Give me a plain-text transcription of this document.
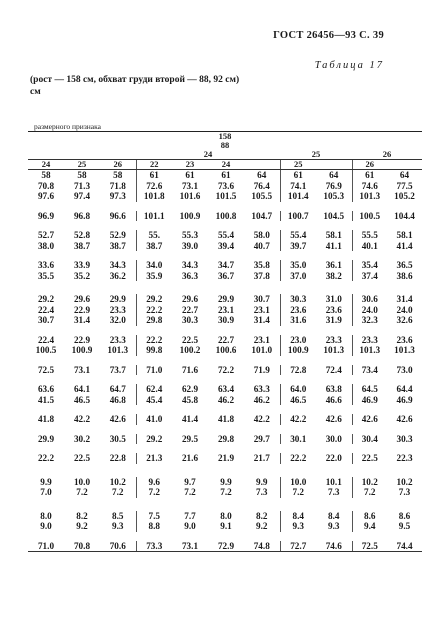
ГОСТ 26456—93 С. 39
Таблица 17
(рост — 158 см, обхват груди второй — 88, 92 см)
см
размерного признака
158										
88										
			24				25		26	
24	25	26	22	23	24		25		26	
58	58	58	61	61	61	64	61	64	61	64
70.8	71.3	71.8	72.6	73.1	73.6	76.4	74.1	76.9	74.6	77.5
97.6	97.4	97.3	101.8	101.6	101.5	105.5	101.4	105.3	101.3	105.2

96.9	96.8	96.6	101.1	100.9	100.8	104.7	100.7	104.5	100.5	104.4

52.7	52.8	52.9	55.	55.3	55.4	58.0	55.4	58.1	55.5	58.1
38.0	38.7	38.7	38.7	39.0	39.4	40.7	39.7	41.1	40.1	41.4

33.6	33.9	34.3	34.0	34.3	34.7	35.8	35.0	36.1	35.4	36.5
35.5	35.2	36.2	35.9	36.3	36.7	37.8	37.0	38.2	37.4	38.6

29.2	29.6	29.9	29.2	29.6	29.9	30.7	30.3	31.0	30.6	31.4
22.4	22.9	23.3	22.2	22.7	23.1	23.1	23.6	23.6	24.0	24.0
30.7	31.4	32.0	29.8	30.3	30.9	31.4	31.6	31.9	32.3	32.6

22.4	22.9	23.3	22.2	22.5	22.7	23.1	23.0	23.3	23.3	23.6
100.5	100.9	101.3	99.8	100.2	100.6	101.0	100.9	101.3	101.3	101.3

72.5	73.1	73.7	71.0	71.6	72.2	71.9	72.8	72.4	73.4	73.0

63.6	64.1	64.7	62.4	62.9	63.4	63.3	64.0	63.8	64.5	64.4
41.5	46.5	46.8	45.4	45.8	46.2	46.2	46.5	46.6	46.9	46.9

41.8	42.2	42.6	41.0	41.4	41.8	42.2	42.2	42.6	42.6	42.6

29.9	30.2	30.5	29.2	29.5	29.8	29.7	30.1	30.0	30.4	30.3

22.2	22.5	22.8	21.3	21.6	21.9	21.7	22.2	22.0	22.5	22.3

9.9	10.0	10.2	9.6	9.7	9.9	9.9	10.0	10.1	10.2	10.2
7.0	7.2	7.2	7.2	7.2	7.2	7.3	7.2	7.3	7.2	7.3

8.0	8.2	8.5	7.5	7.7	8.0	8.2	8.4	8.4	8.6	8.6
9.0	9.2	9.3	8.8	9.0	9.1	9.2	9.3	9.3	9.4	9.5

71.0	70.8	70.6	73.3	73.1	72.9	74.8	72.7	74.6	72.5	74.4
